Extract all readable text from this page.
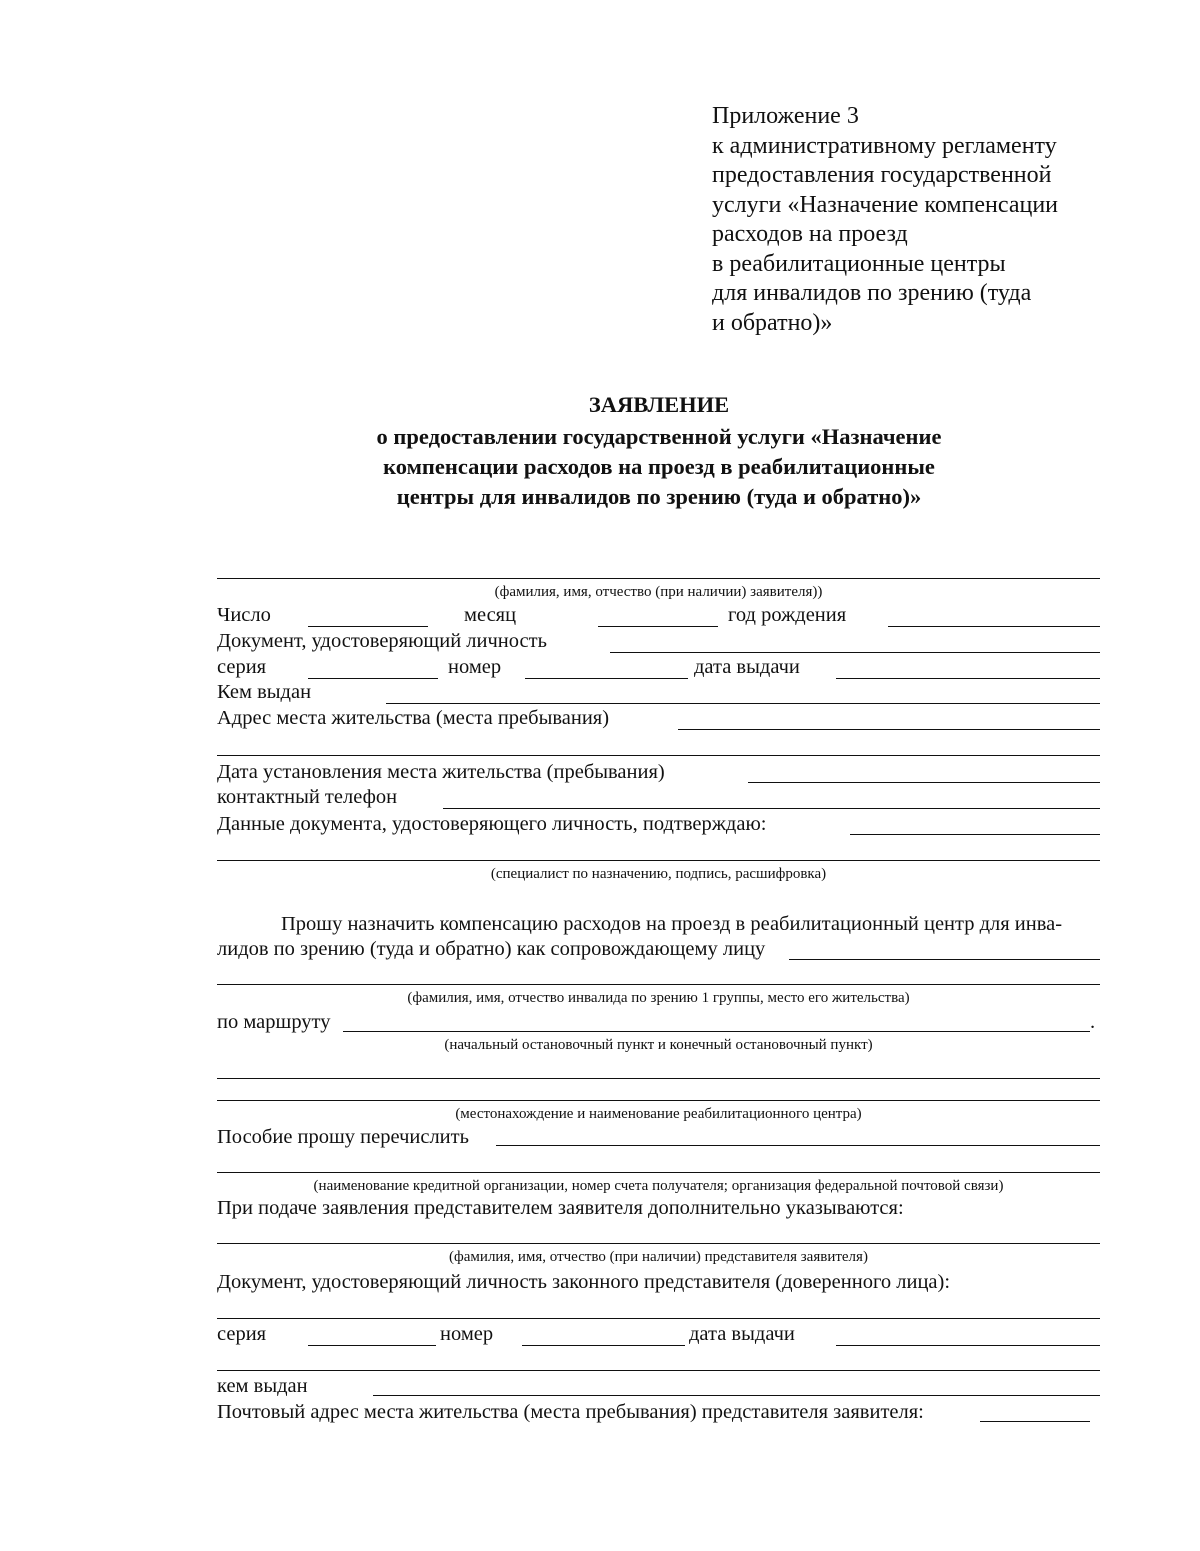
Приложение 3
к административному регламенту
предоставления государственной
услуги «Назначение компенсации
расходов на проезд
в реабилитационные центры
для инвалидов по зрению (туда
и обратно)»
ЗАЯВЛЕНИЕ
о предоставлении государственной услуги «Назначение
компенсации расходов на проезд в реабилитационные
центры для инвалидов по зрению (туда и обратно)»
(фамилия, имя, отчество (при наличии) заявителя))
Число	месяц	год рождения
Документ, удостоверяющий личность
серия	номер	дата выдачи
Кем выдан
Адрес места жительства (места пребывания)
Дата установления места жительства (пребывания)
контактный телефон
Данные документа, удостоверяющего личность, подтверждаю:
(специалист по назначению, подпись, расшифровка)
Прошу назначить компенсацию расходов на проезд в реабилитационный центр для инва-
лидов по зрению (туда и обратно) как сопровождающему лицу
(фамилия, имя, отчество инвалида по зрению 1 группы, место его жительства)
по маршруту	.
(начальный остановочный пункт и конечный остановочный пункт)
(местонахождение и наименование реабилитационного центра)
Пособие прошу перечислить
(наименование кредитной организации, номер счета получателя; организация федеральной почтовой связи)
При подаче заявления представителем заявителя дополнительно указываются:
(фамилия, имя, отчество (при наличии) представителя заявителя)
Документ, удостоверяющий личность законного представителя (доверенного лица):
серия	номер	дата выдачи
кем выдан
Почтовый адрес места жительства (места пребывания) представителя заявителя:
